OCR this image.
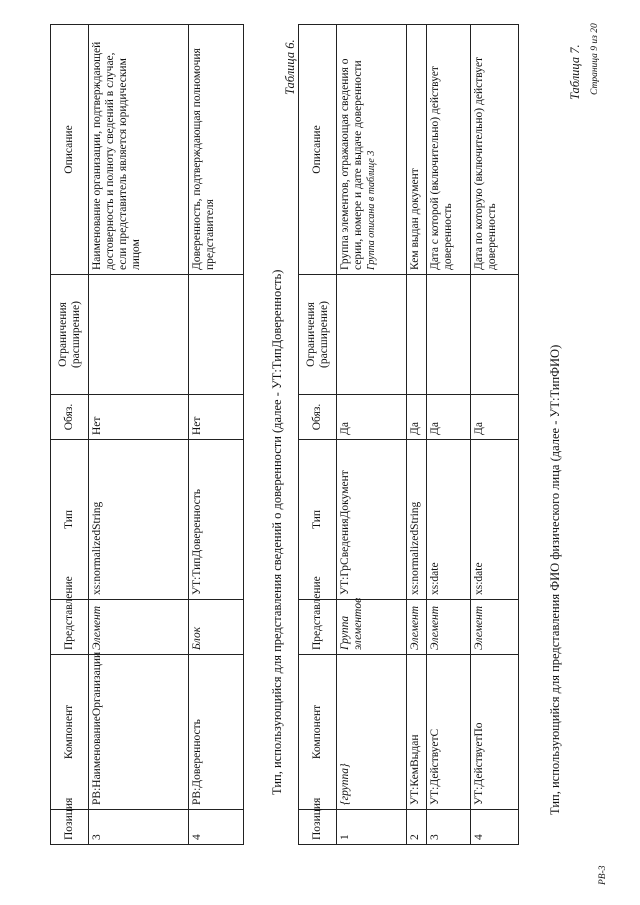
Позиция	Компонент	Представление	Тип	Обяз.	Ограничения (расширение)	Описание
3	РВ:НаименованиеОрганизации	Элемент	xs:normalizedString	Нет		Наименование организации, подтверждающей достоверность и полноту сведений в случае, если представитель является юридическим лицом
4	РВ:Доверенность	Блок	УТ:ТипДоверенность	Нет		Доверенность, подтверждающая полномочия представителя
Таблица 6.
Тип, использующийся для представления сведений о доверенности (далее - УТ:ТипДоверенность)
Позиция	Компонент	Представление	Тип	Обяз.	Ограничения (расширение)	Описание
1	{группа}	Группа элементов	УТ:ГрСведенияДокумент	Да		Группа элементов, отражающая сведения о серии, номере и дате выдаче доверенности Группа описана в таблице 3
2	УТ:КемВыдан	Элемент	xs:normalizedString	Да		Кем выдан документ
3	УТ:ДействуетС	Элемент	xs:date	Да		Дата с которой (включительно) действует доверенность
4	УТ:ДействуетПо	Элемент	xs:date	Да		Дата по которую (включительно) действует доверенность
Таблица 7.
Тип, использующийся для представления ФИО физического лица (далее - УТ:ТипФИО)
Страница 9 из 20
РВ-3
